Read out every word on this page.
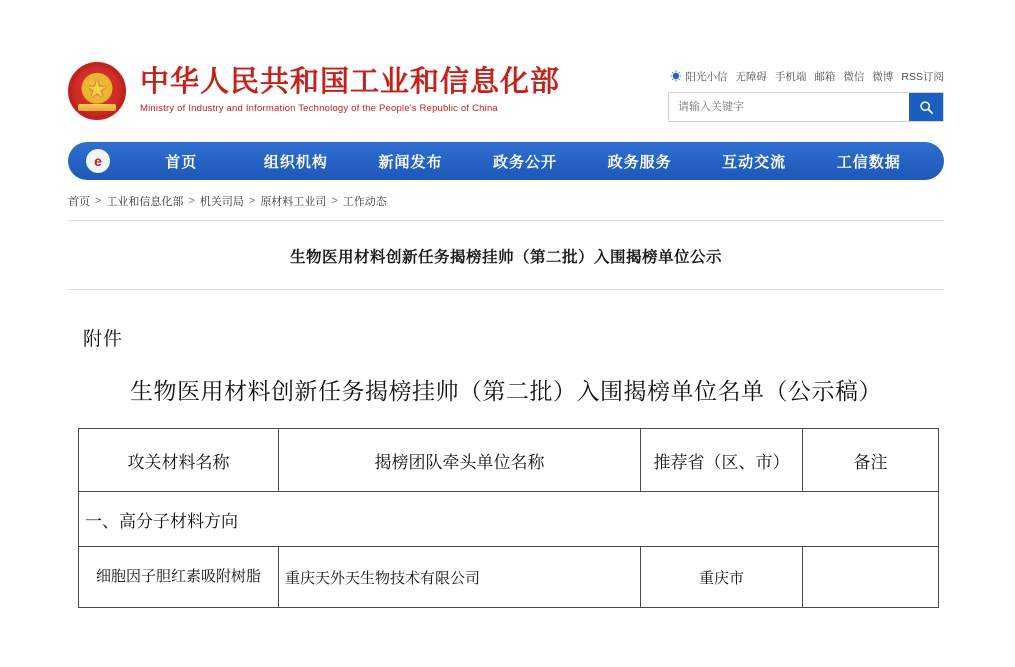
★
中华人民共和国工业和信息化部
Ministry of Industry and Information Technology of the People's Republic of China
☀ 阳光小信 无障碍 手机端 邮箱 微信 微博 RSS订阅
请输入关键字
e	首页	组织机构	新闻发布	政务公开	政务服务	互动交流	工信数据
首页 > 工业和信息化部 > 机关司局 > 原材料工业司 > 工作动态
生物医用材料创新任务揭榜挂帅（第二批）入围揭榜单位公示
附件
生物医用材料创新任务揭榜挂帅（第二批）入围揭榜单位名单（公示稿）
攻关材料名称	揭榜团队牵头单位名称	推荐省（区、市）	备注
一、高分子材料方向			
细胞因子胆红素吸附树脂	重庆天外天生物技术有限公司	重庆市	
